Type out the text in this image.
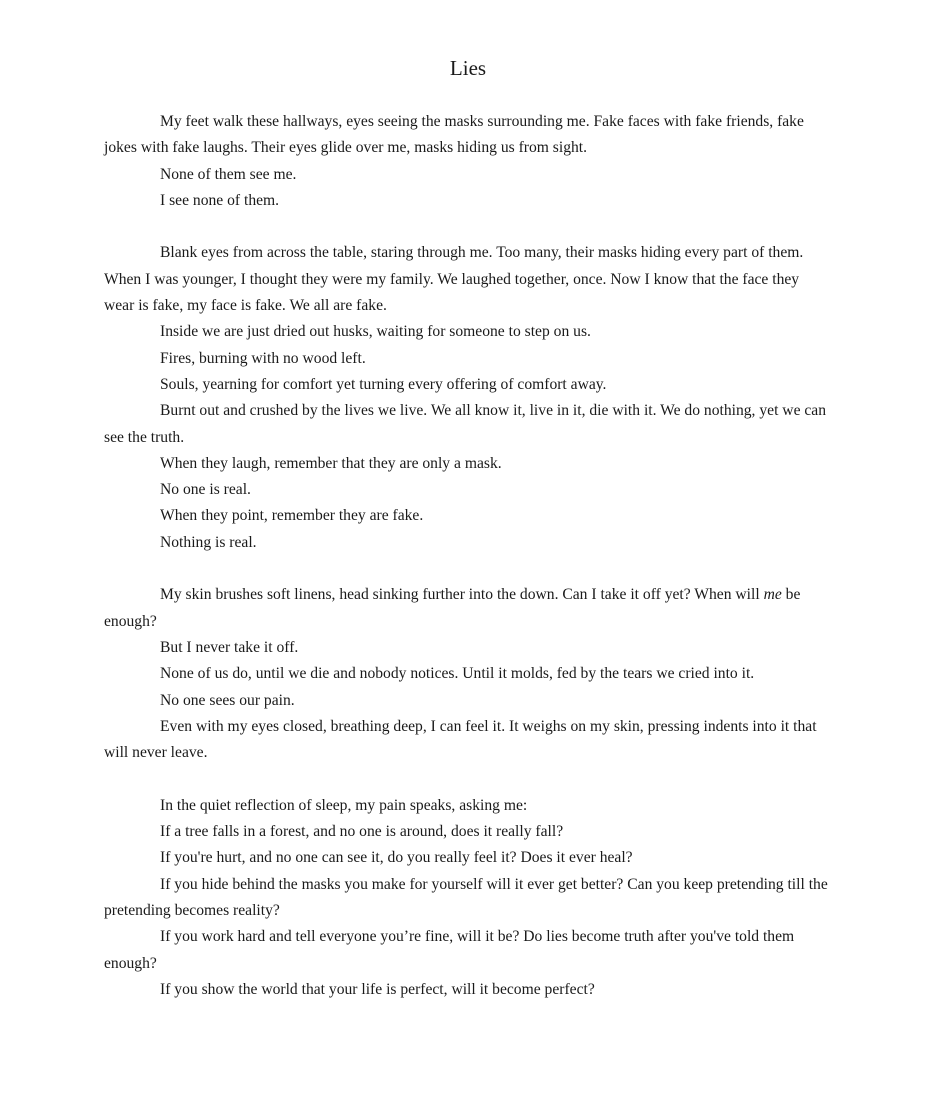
Lies

My feet walk these hallways, eyes seeing the masks surrounding me. Fake faces with fake friends, fake jokes with fake laughs. Their eyes glide over me, masks hiding us from sight.

None of them see me.

I see none of them.

Blank eyes from across the table, staring through me. Too many, their masks hiding every part of them. When I was younger, I thought they were my family. We laughed together, once. Now I know that the face they wear is fake, my face is fake. We all are fake.

Inside we are just dried out husks, waiting for someone to step on us.

Fires, burning with no wood left.

Souls, yearning for comfort yet turning every offering of comfort away.

Burnt out and crushed by the lives we live. We all know it, live in it, die with it. We do nothing, yet we can see the truth.

When they laugh, remember that they are only a mask.

No one is real.

When they point, remember they are fake.

Nothing is real.

My skin brushes soft linens, head sinking further into the down. Can I take it off yet? When will me be enough?

But I never take it off.

None of us do, until we die and nobody notices. Until it molds, fed by the tears we cried into it.

No one sees our pain.

Even with my eyes closed, breathing deep, I can feel it. It weighs on my skin, pressing indents into it that will never leave.

In the quiet reflection of sleep, my pain speaks, asking me:

If a tree falls in a forest, and no one is around, does it really fall?

If you're hurt, and no one can see it, do you really feel it? Does it ever heal?

If you hide behind the masks you make for yourself will it ever get better? Can you keep pretending till the pretending becomes reality?

If you work hard and tell everyone you’re fine, will it be? Do lies become truth after you've told them enough?

If you show the world that your life is perfect, will it become perfect?
